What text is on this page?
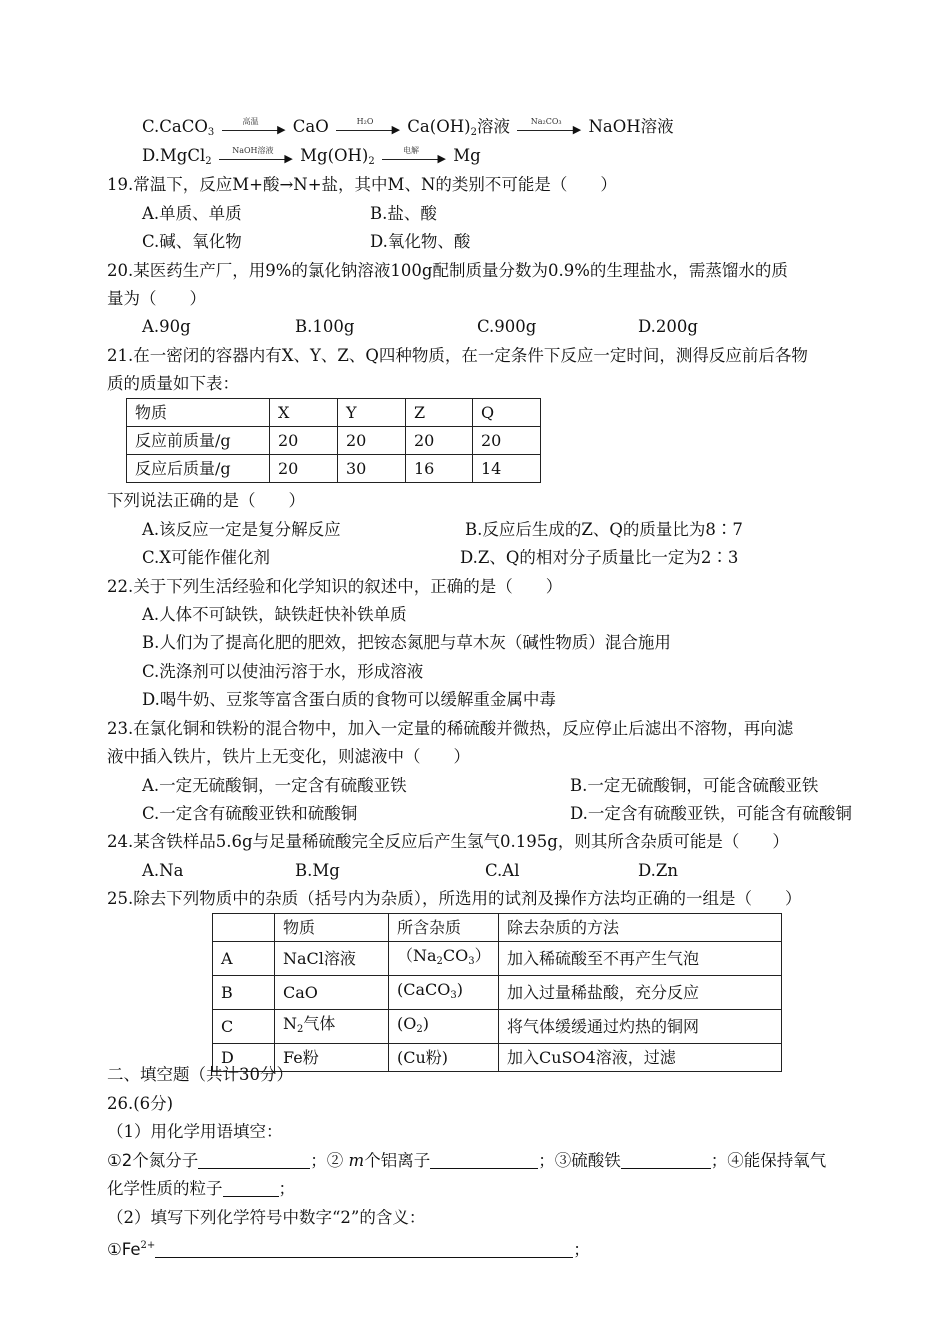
C.CaCO$_3$
高温
▶ CaO	H₂O
▶ $Ca(OH)_2$溶液	Na₂CO₃
▶ NaOH溶液
D.MgCl$_2$
NaOH溶液
▶ $Mg(OH)_2$
电解
▶ Mg
19.常温下，反应M+酸→N+盐，其中M、N的类别不可能是（　　）
A.单质、单质	B.盐、酸
C.碱、氧化物	D.氧化物、酸
20.某医药生产厂，用9%的氯化钠溶液100g配制质量分数为0.9%的生理盐水，需蒸馏水的质
量为（　　）
A.90g	B.100g	C.900g	D.200g
21.在一密闭的容器内有X、Y、Z、Q四种物质，在一定条件下反应一定时间，测得反应前后各物
质的质量如下表：
物质	X	Y	Z	Q
反应前质量/g	20	20	20	20
反应后质量/g	20	30	16	14
下列说法正确的是（　　）
A.该反应一定是复分解反应	B.反应后生成的Z、Q的质量比为8∶7
C.X可能作催化剂	D.Z、Q的相对分子质量比一定为2∶3
22.关于下列生活经验和化学知识的叙述中，正确的是（　　）
A.人体不可缺铁，缺铁赶快补铁单质
B.人们为了提高化肥的肥效，把铵态氮肥与草木灰（碱性物质）混合施用
C.洗涤剂可以使油污溶于水，形成溶液
D.喝牛奶、豆浆等富含蛋白质的食物可以缓解重金属中毒
23.在氯化铜和铁粉的混合物中，加入一定量的稀硫酸并微热，反应停止后滤出不溶物，再向滤
液中插入铁片，铁片上无变化，则滤液中（　　）
A.一定无硫酸铜，一定含有硫酸亚铁	B.一定无硫酸铜，可能含硫酸亚铁
C.一定含有硫酸亚铁和硫酸铜	D.一定含有硫酸亚铁，可能含有硫酸铜
24.某含铁样品5.6g与足量稀硫酸完全反应后产生氢气0.195g，则其所含杂质可能是（　　）
A.Na	B.Mg	C.Al	D.Zn
25.除去下列物质中的杂质（括号内为杂质），所选用的试剂及操作方法均正确的一组是（　　）
	物质	所含杂质	除去杂质的方法
A	NaCl溶液	$(Na_2CO_3)$	加入稀硫酸至不再产生气泡
B	CaO	(CaCO$_3$)	加入过量稀盐酸，充分反应
C	$N_2$气体	$(O_2)$	将气体缓缓通过灼热的铜网
D	Fe粉	(Cu粉)	加入CuSO4溶液，过滤
二、填空题（共计30分）
26.(6分)
（1）用化学用语填空：
①2个氮分子	；② m个铝离子	；③硫酸铁	；④能保持氧气
化学性质的粒子	；
（2）填写下列化学符号中数字“2”的含义：
$①Fe^{2+}$	；
